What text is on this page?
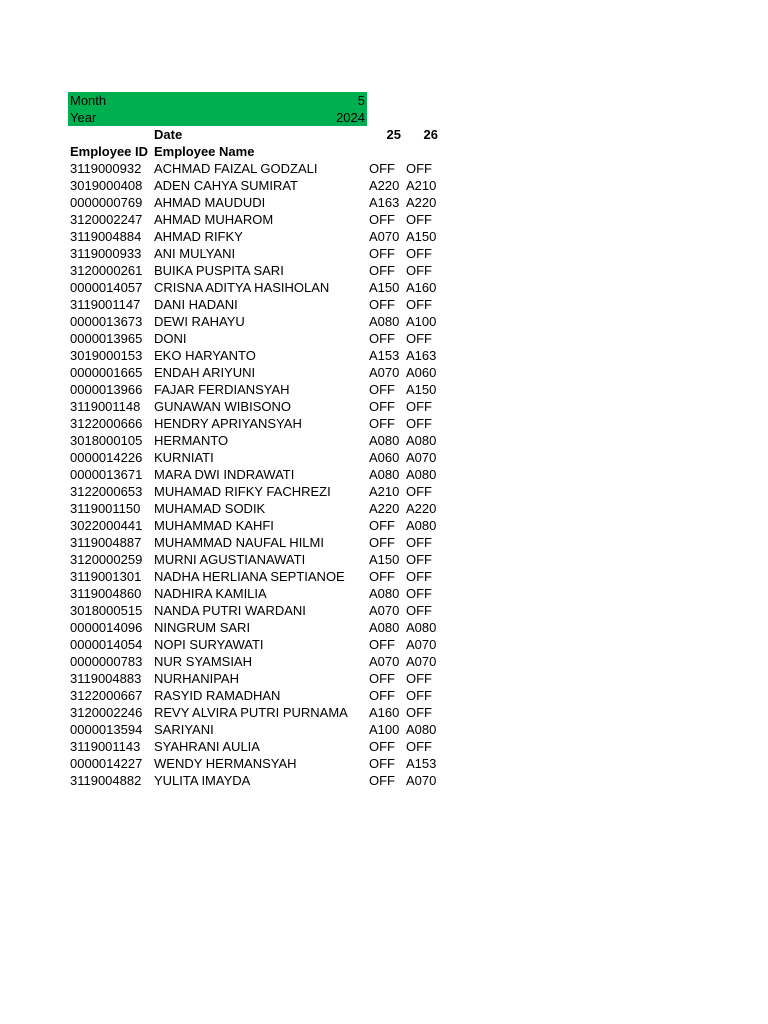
Month	5
Year	2024
Date	25	26
Employee ID Employee Name
3119000932 ACHMAD FAIZAL GODZALI	OFF OFF
3019000408 ADEN CAHYA SUMIRAT	A220 A210
0000000769 AHMAD MAUDUDI	A163 A220
3120002247 AHMAD MUHAROM	OFF OFF
3119004884 AHMAD RIFKY	A070 A150
3119000933 ANI MULYANI	OFF OFF
3120000261 BUIKA PUSPITA SARI	OFF OFF
0000014057 CRISNA ADITYA HASIHOLAN	A150 A160
3119001147 DANI HADANI	OFF OFF
0000013673 DEWI RAHAYU	A080 A100
0000013965 DONI	OFF OFF
3019000153 EKO HARYANTO	A153 A163
0000001665 ENDAH ARIYUNI	A070 A060
0000013966 FAJAR FERDIANSYAH	OFF A150
3119001148 GUNAWAN WIBISONO	OFF OFF
3122000666 HENDRY APRIYANSYAH	OFF OFF
3018000105 HERMANTO	A080 A080
0000014226 KURNIATI	A060 A070
0000013671 MARA DWI INDRAWATI	A080 A080
3122000653 MUHAMAD RIFKY FACHREZI	A210 OFF
3119001150 MUHAMAD SODIK	A220 A220
3022000441 MUHAMMAD KAHFI	OFF A080
3119004887 MUHAMMAD NAUFAL HILMI	OFF OFF
3120000259 MURNI AGUSTIANAWATI	A150 OFF
3119001301 NADHA HERLIANA SEPTIANOE OFF OFF
3119004860 NADHIRA KAMILIA	A080 OFF
3018000515 NANDA PUTRI WARDANI	A070 OFF
0000014096 NINGRUM SARI	A080 A080
0000014054 NOPI SURYAWATI	OFF A070
0000000783 NUR SYAMSIAH	A070 A070
3119004883 NURHANIPAH	OFF OFF
3122000667 RASYID RAMADHAN	OFF OFF
3120002246 REVY ALVIRA PUTRI PURNAMA A160 OFF
0000013594 SARIYANI	A100 A080
3119001143 SYAHRANI AULIA	OFF OFF
0000014227 WENDY HERMANSYAH	OFF A153
3119004882 YULITA IMAYDA	OFF A070
